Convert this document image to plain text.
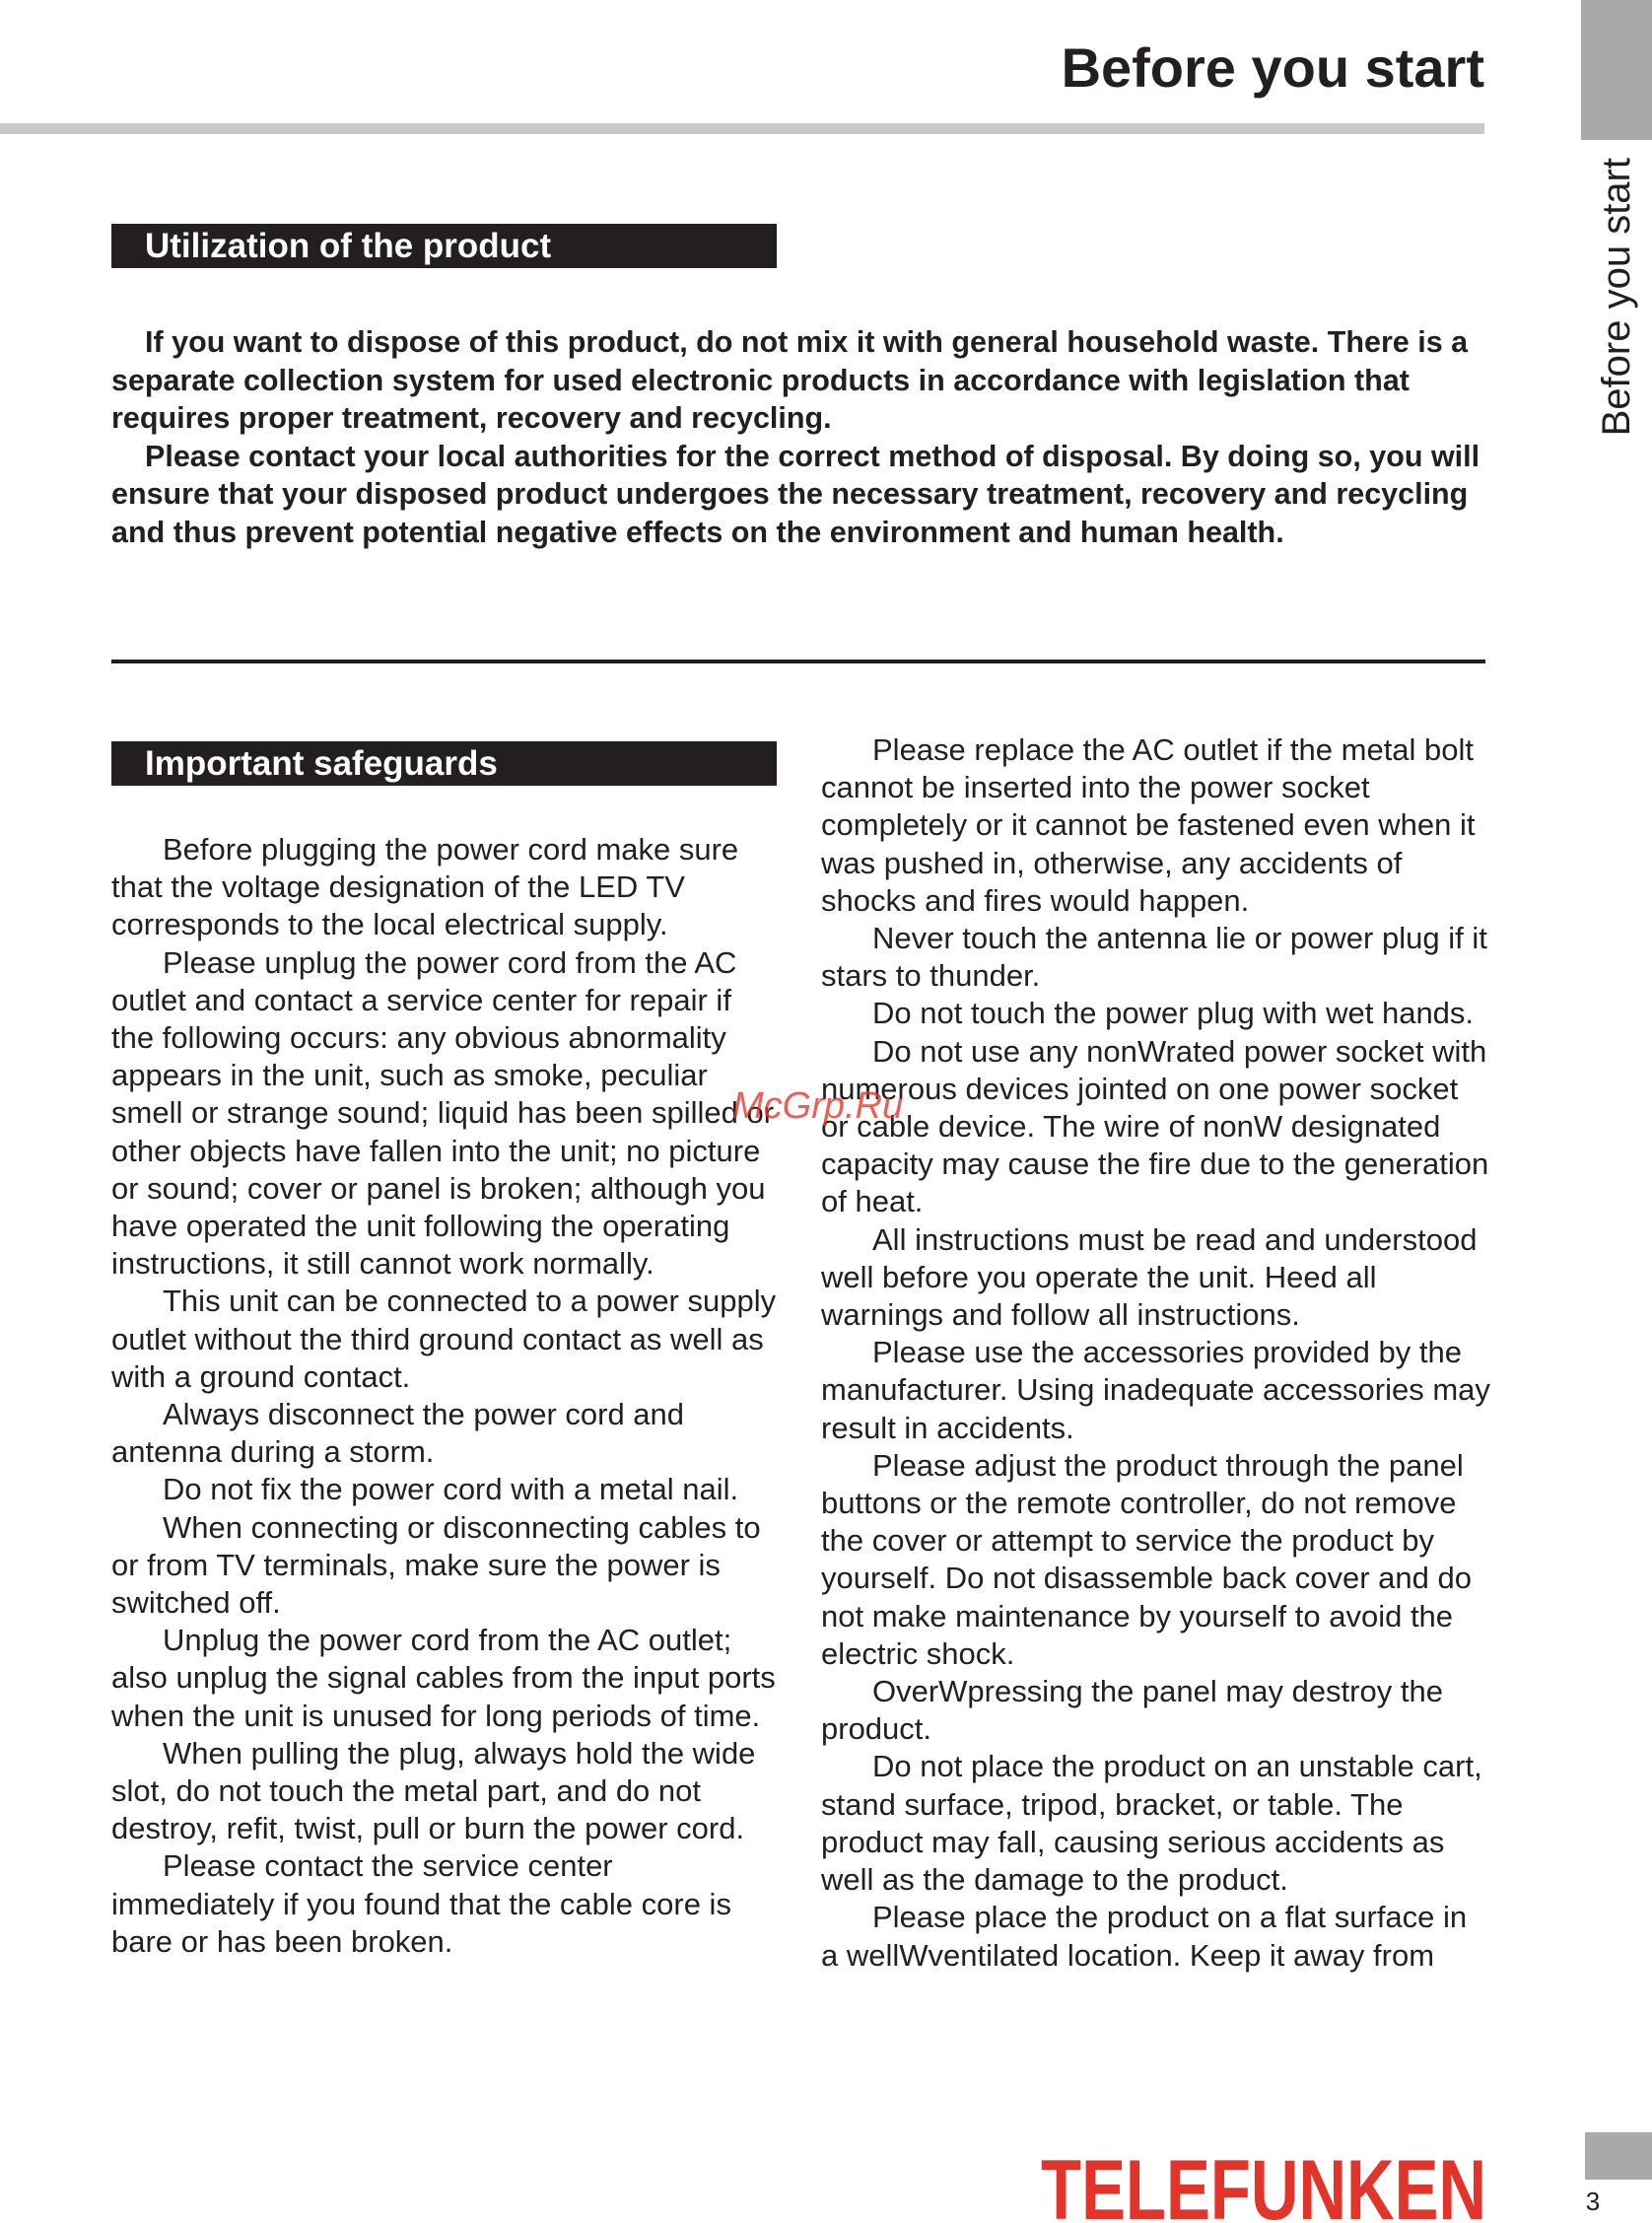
Before you start
Before you start
Utilization of the product

If you want to dispose of this product, do not mix it with general household waste. There is a separate collection system for used electronic products in accordance with legislation that requires proper treatment, recovery and recycling.

Please contact your local authorities for the correct method of disposal. By doing so, you will ensure that your disposed product undergoes the necessary treatment, recovery and recycling and thus prevent potential negative effects on the environment and human health.

Important safeguards

Before plugging the power cord make sure that the voltage designation of the LED TV corresponds to the local electrical supply.

Please unplug the power cord from the AC outlet and contact a service center for repair if the following occurs: any obvious abnormality appears in the unit, such as smoke, peculiar smell or strange sound; liquid has been spilled or other objects have fallen into the unit; no picture or sound; cover or panel is broken; although you have operated the unit following the operating instructions, it still cannot work normally.

This unit can be connected to a power supply outlet without the third ground contact as well as with a ground contact.

Always disconnect the power cord and antenna during a storm.

Do not fix the power cord with a metal nail.

When connecting or disconnecting cables to or from TV terminals, make sure the power is switched off.

Unplug the power cord from the AC outlet; also unplug the signal cables from the input ports when the unit is unused for long periods of time.

When pulling the plug, always hold the wide slot, do not touch the metal part, and do not destroy, refit, twist, pull or burn the power cord.

Please contact the service center immediately if you found that the cable core is bare or has been broken.

Please replace the AC outlet if the metal bolt cannot be inserted into the power socket completely or it cannot be fastened even when it was pushed in, otherwise, any accidents of shocks and fires would happen.

Never touch the antenna lie or power plug if it stars to thunder.

Do not touch the power plug with wet hands.

Do not use any nonWrated power socket with numerous devices jointed on one power socket or cable device. The wire of nonW designated capacity may cause the fire due to the generation of heat.

All instructions must be read and understood well before you operate the unit. Heed all warnings and follow all instructions.

Please use the accessories provided by the manufacturer. Using inadequate accessories may result in accidents.

Please adjust the product through the panel buttons or the remote controller, do not remove the cover or attempt to service the product by yourself. Do not disassemble back cover and do not make maintenance by yourself to avoid the electric shock.

OverWpressing the panel may destroy the product.

Do not place the product on an unstable cart, stand surface, tripod, bracket, or table. The product may fall, causing serious accidents as well as the damage to the product.

Please place the product on a flat surface in a wellWventilated location. Keep it away from

McGrp.Ru
TELEFUNKEN	3
